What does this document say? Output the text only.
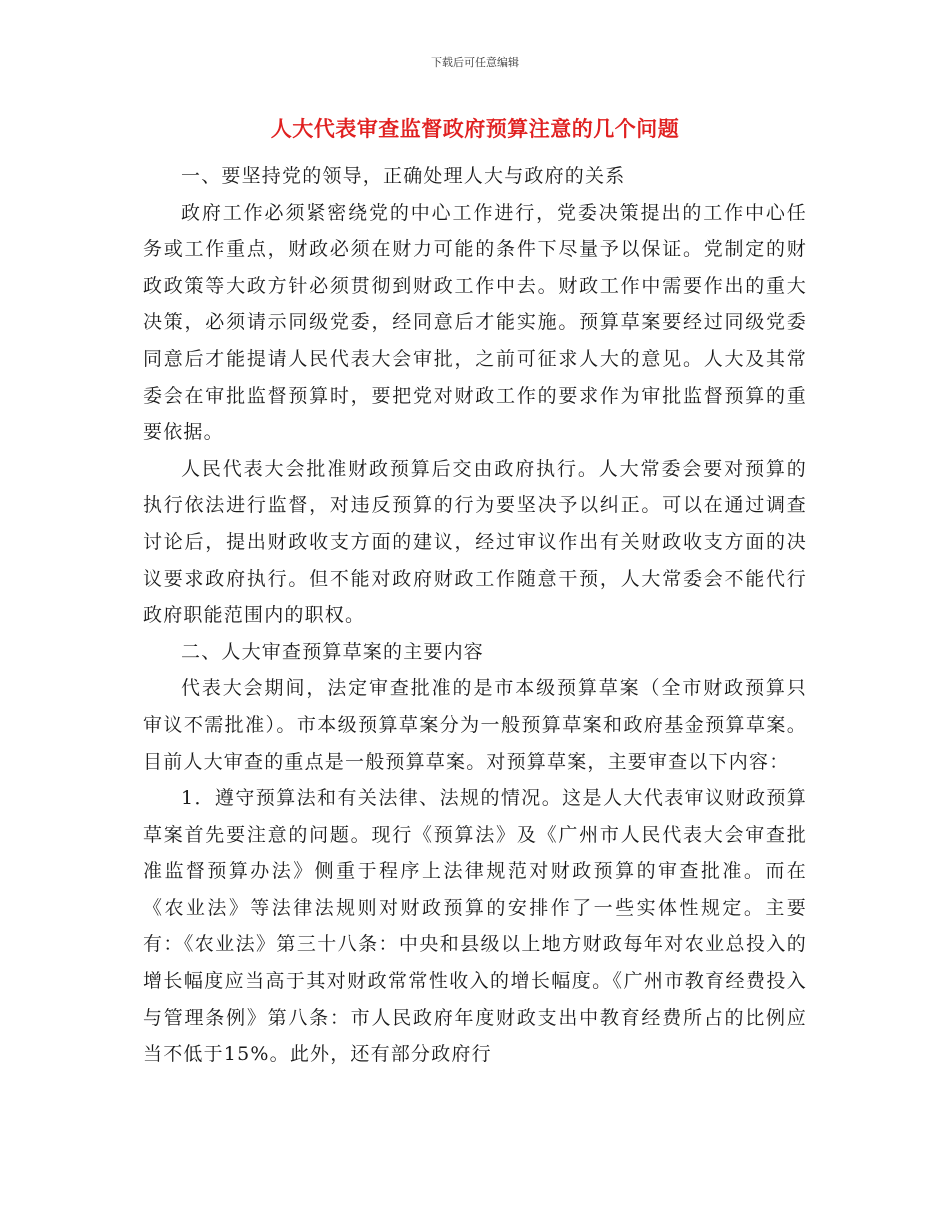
下载后可任意编辑
人大代表审查监督政府预算注意的几个问题

一、要坚持党的领导，正确处理人大与政府的关系

政府工作必须紧密绕党的中心工作进行，党委决策提出的工作中心任务或工作重点，财政必须在财力可能的条件下尽量予以保证。党制定的财政政策等大政方针必须贯彻到财政工作中去。财政工作中需要作出的重大决策，必须请示同级党委，经同意后才能实施。预算草案要经过同级党委同意后才能提请人民代表大会审批，之前可征求人大的意见。人大及其常委会在审批监督预算时，要把党对财政工作的要求作为审批监督预算的重要依据。

人民代表大会批准财政预算后交由政府执行。人大常委会要对预算的执行依法进行监督，对违反预算的行为要坚决予以纠正。可以在通过调查讨论后，提出财政收支方面的建议，经过审议作出有关财政收支方面的决议要求政府执行。但不能对政府财政工作随意干预，人大常委会不能代行政府职能范围内的职权。

二、人大审查预算草案的主要内容

代表大会期间，法定审查批准的是市本级预算草案（全市财政预算只审议不需批准）。市本级预算草案分为一般预算草案和政府基金预算草案。目前人大审查的重点是一般预算草案。对预算草案，主要审查以下内容：

1．遵守预算法和有关法律、法规的情况。这是人大代表审议财政预算草案首先要注意的问题。现行《预算法》及《广州市人民代表大会审查批准监督预算办法》侧重于程序上法律规范对财政预算的审查批准。而在《农业法》等法律法规则对财政预算的安排作了一些实体性规定。主要有：《农业法》第三十八条：中央和县级以上地方财政每年对农业总投入的增长幅度应当高于其对财政常常性收入的增长幅度。《广州市教育经费投入与管理条例》第八条：市人民政府年度财政支出中教育经费所占的比例应当不低于15%。此外，还有部分政府行
